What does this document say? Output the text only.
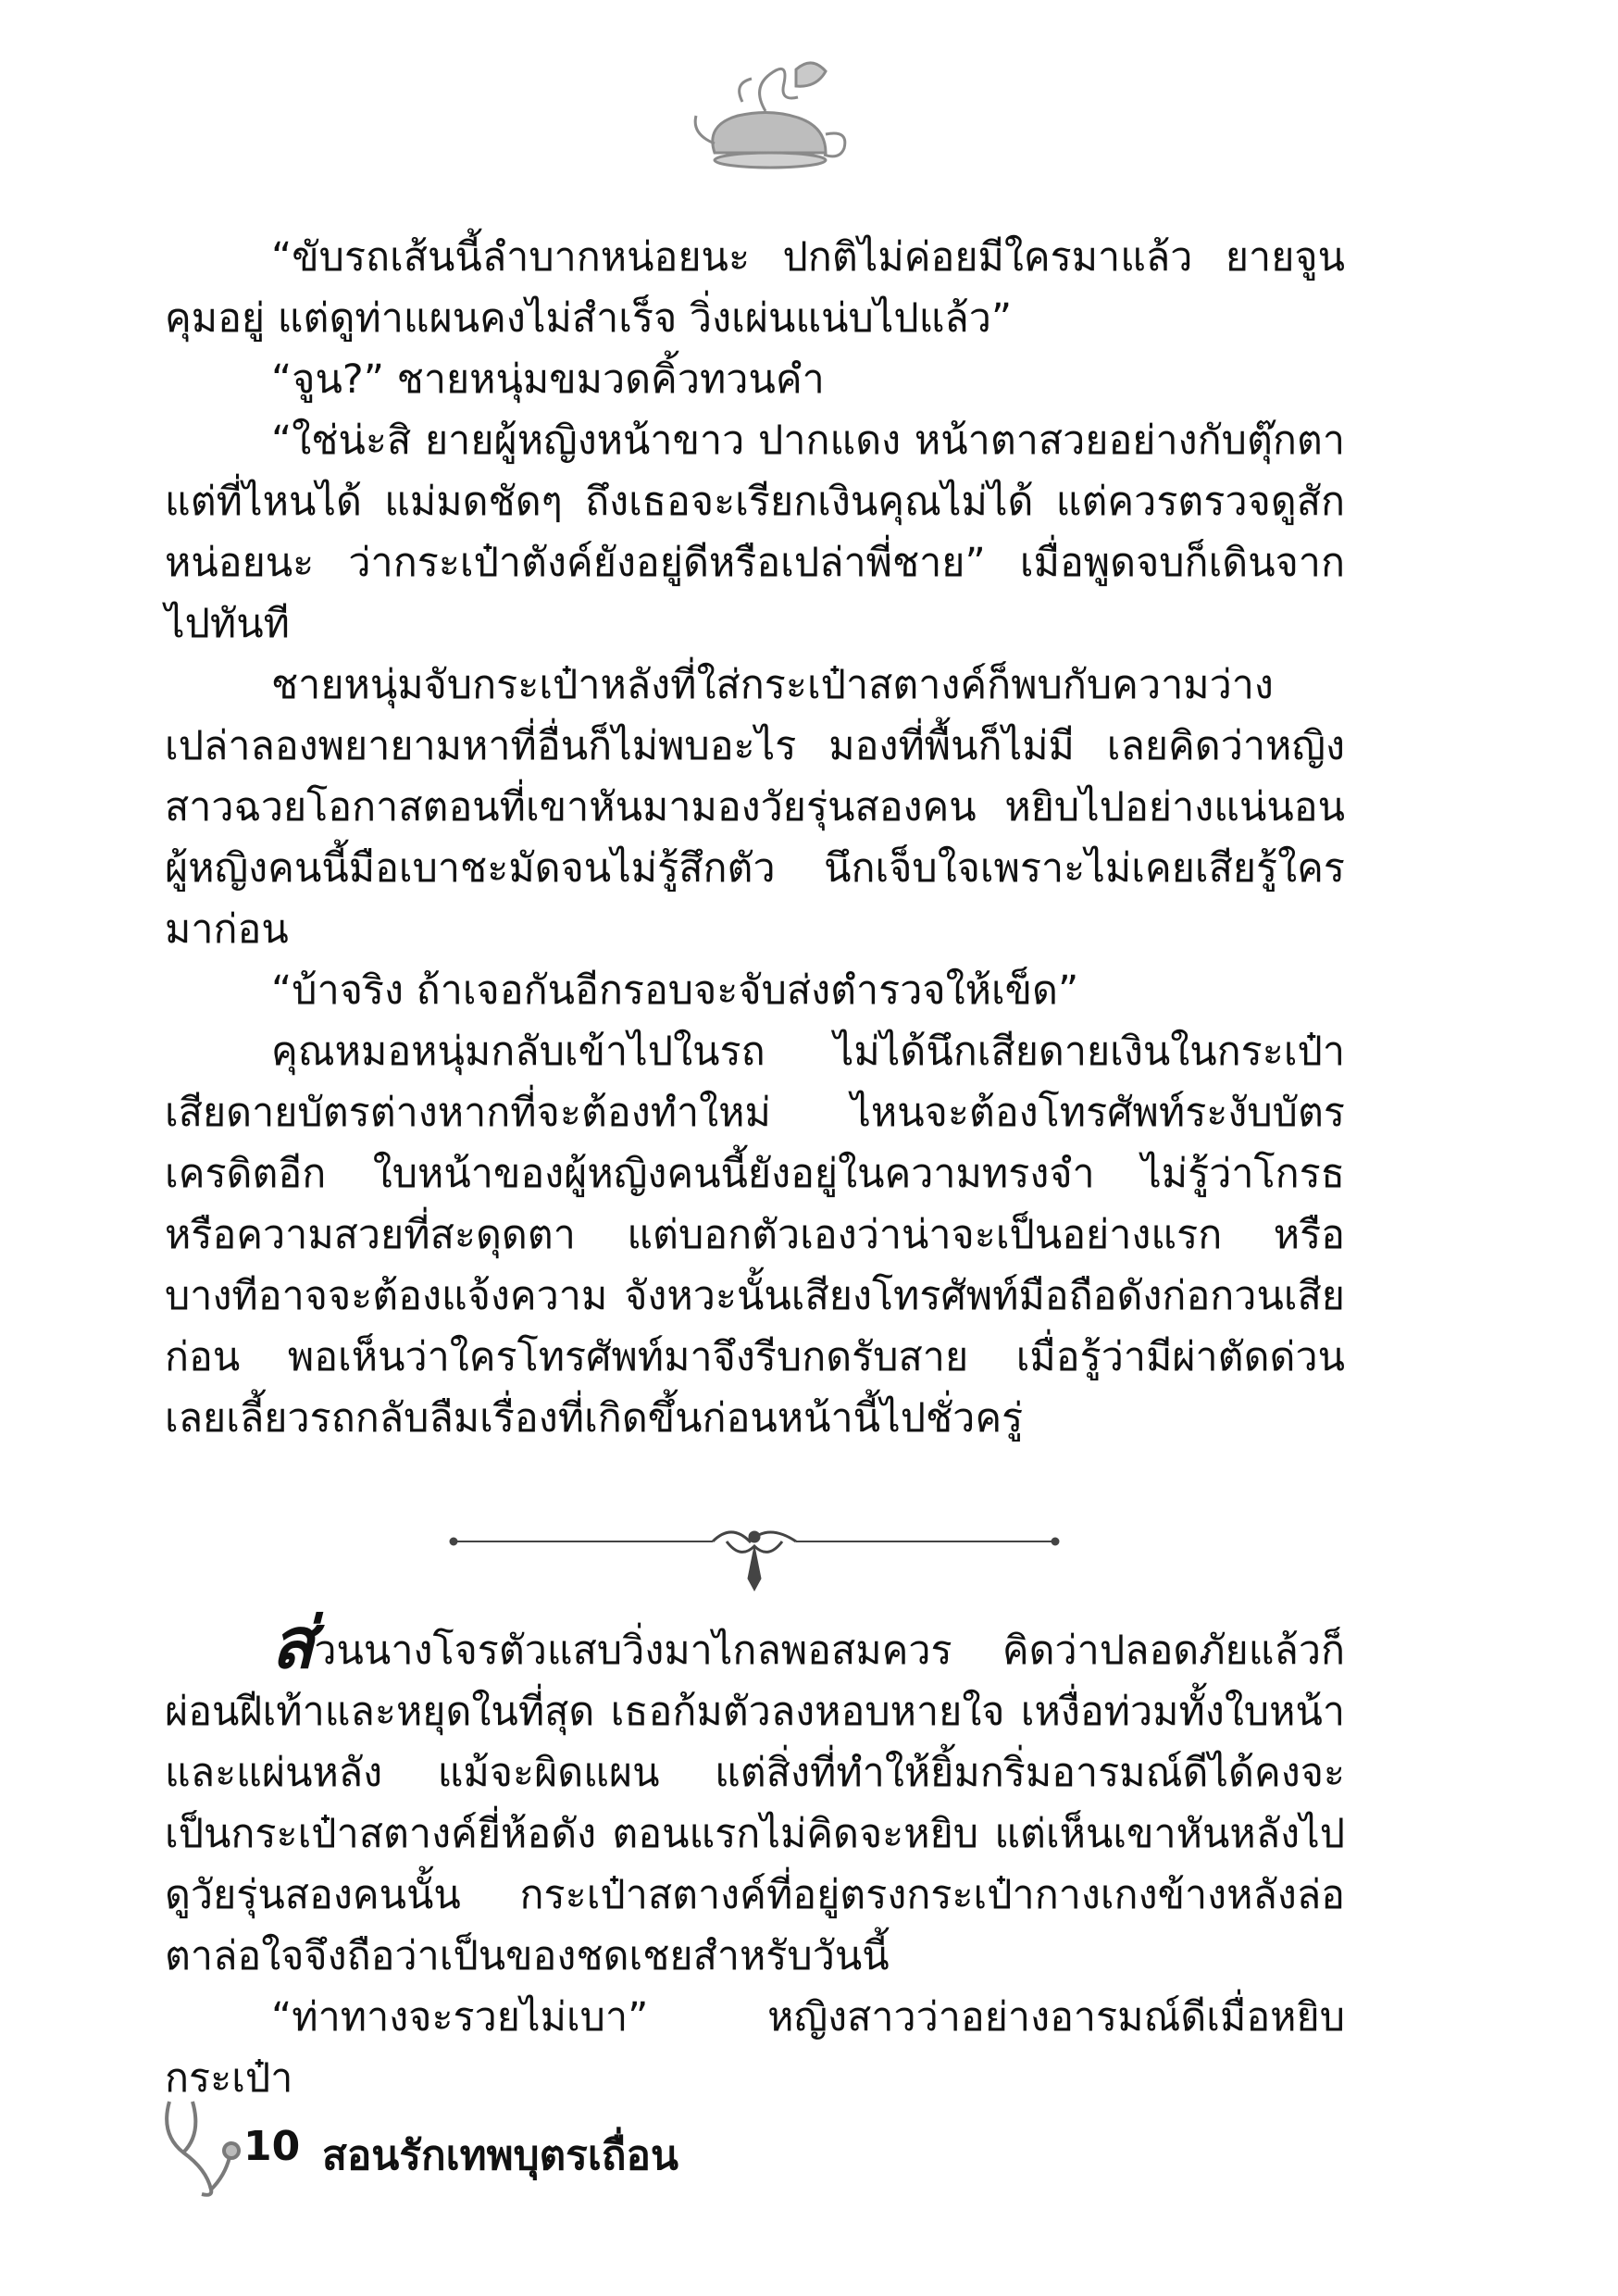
“ขับรถเส้นนี้ลำบากหน่อยนะ ปกติไม่ค่อยมีใครมาแล้ว ยายจูนคุมอยู่ แต่ดูท่าแผนคงไม่สำเร็จ วิ่งเผ่นแน่บไปแล้ว”

“จูน?” ชายหนุ่มขมวดคิ้วทวนคำ

“ใช่น่ะสิ ยายผู้หญิงหน้าขาว ปากแดง หน้าตาสวยอย่างกับตุ๊กตาแต่ที่ไหนได้ แม่มดชัดๆ ถึงเธอจะเรียกเงินคุณไม่ได้ แต่ควรตรวจดูสักหน่อยนะ ว่ากระเป๋าตังค์ยังอยู่ดีหรือเปล่าพี่ชาย” เมื่อพูดจบก็เดินจากไปทันที

ชายหนุ่มจับกระเป๋าหลังที่ใส่กระเป๋าสตางค์ก็พบกับความว่างเปล่าลองพยายามหาที่อื่นก็ไม่พบอะไร มองที่พื้นก็ไม่มี เลยคิดว่าหญิงสาวฉวยโอกาสตอนที่เขาหันมามองวัยรุ่นสองคน หยิบไปอย่างแน่นอน ผู้หญิงคนนี้มือเบาชะมัดจนไม่รู้สึกตัว นึกเจ็บใจเพราะไม่เคยเสียรู้ใครมาก่อน

“บ้าจริง ถ้าเจอกันอีกรอบจะจับส่งตำรวจให้เข็ด”

คุณหมอหนุ่มกลับเข้าไปในรถ ไม่ได้นึกเสียดายเงินในกระเป๋าเสียดายบัตรต่างหากที่จะต้องทำใหม่ ไหนจะต้องโทรศัพท์ระงับบัตรเครดิตอีก ใบหน้าของผู้หญิงคนนี้ยังอยู่ในความทรงจำ ไม่รู้ว่าโกรธหรือความสวยที่สะดุดตา แต่บอกตัวเองว่าน่าจะเป็นอย่างแรก หรือบางทีอาจจะต้องแจ้งความ จังหวะนั้นเสียงโทรศัพท์มือถือดังก่อกวนเสียก่อน พอเห็นว่าใครโทรศัพท์มาจึงรีบกดรับสาย เมื่อรู้ว่ามีผ่าตัดด่วน เลยเลี้ยวรถกลับลืมเรื่องที่เกิดขึ้นก่อนหน้านี้ไปชั่วครู่

ส่วนนางโจรตัวแสบวิ่งมาไกลพอสมควร คิดว่าปลอดภัยแล้วก็ผ่อนฝีเท้าและหยุดในที่สุด เธอก้มตัวลงหอบหายใจ เหงื่อท่วมทั้งใบหน้าและแผ่นหลัง แม้จะผิดแผน แต่สิ่งที่ทำให้ยิ้มกริ่มอารมณ์ดีได้คงจะเป็นกระเป๋าสตางค์ยี่ห้อดัง ตอนแรกไม่คิดจะหยิบ แต่เห็นเขาหันหลังไปดูวัยรุ่นสองคนนั้น กระเป๋าสตางค์ที่อยู่ตรงกระเป๋ากางเกงข้างหลังล่อตาล่อใจจึงถือว่าเป็นของชดเชยสำหรับวันนี้

“ท่าทางจะรวยไม่เบา” หญิงสาวว่าอย่างอารมณ์ดีเมื่อหยิบกระเป๋า

10 สอนรักเทพบุตรเถื่อน
